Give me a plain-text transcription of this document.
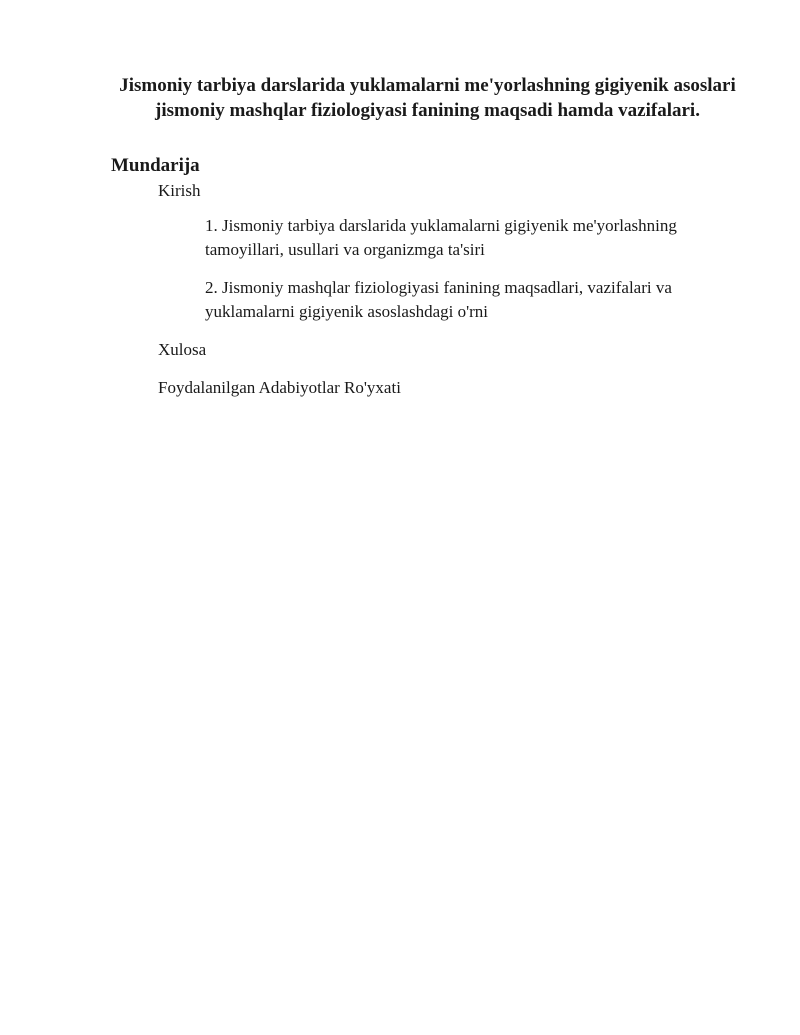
Jismoniy tarbiya darslarida yuklamalarni me'yorlashning gigiyenik asoslari
jismoniy mashqlar fiziologiyasi fanining maqsadi hamda vazifalari.
Mundarija
Kirish
1. Jismoniy tarbiya darslarida yuklamalarni gigiyenik me'yorlashning tamoyillari, usullari va organizmga ta'siri
2. Jismoniy mashqlar fiziologiyasi fanining maqsadlari, vazifalari va yuklamalarni gigiyenik asoslashdagi o'rni
Xulosa
Foydalanilgan Adabiyotlar Ro'yxati
